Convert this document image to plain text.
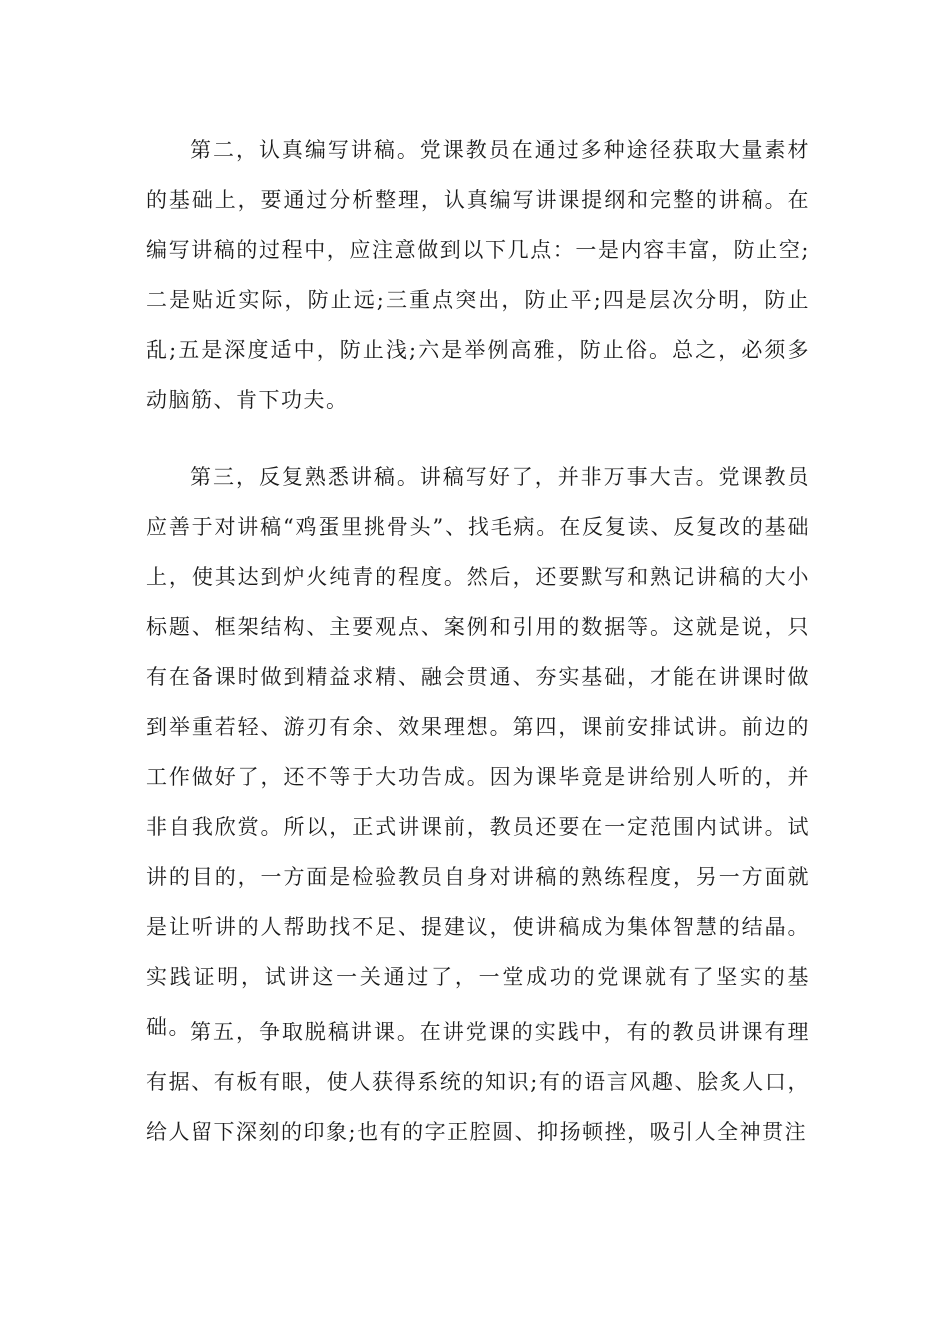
第二，认真编写讲稿。党课教员在通过多种途径获取大量素材的基础上，要通过分析整理，认真编写讲课提纲和完整的讲稿。在编写讲稿的过程中，应注意做到以下几点：一是内容丰富，防止空;二是贴近实际，防止远;三重点突出，防止平;四是层次分明，防止乱;五是深度适中，防止浅;六是举例高雅，防止俗。总之，必须多动脑筋、肯下功夫。

第三，反复熟悉讲稿。讲稿写好了，并非万事大吉。党课教员应善于对讲稿“鸡蛋里挑骨头”、找毛病。在反复读、反复改的基础上，使其达到炉火纯青的程度。然后，还要默写和熟记讲稿的大小标题、框架结构、主要观点、案例和引用的数据等。这就是说，只有在备课时做到精益求精、融会贯通、夯实基础，才能在讲课时做到举重若轻、游刃有余、效果理想。第四，课前安排试讲。前边的工作做好了，还不等于大功告成。因为课毕竟是讲给别人听的，并非自我欣赏。所以，正式讲课前，教员还要在一定范围内试讲。试讲的目的，一方面是检验教员自身对讲稿的熟练程度，另一方面就是让听讲的人帮助找不足、提建议，使讲稿成为集体智慧的结晶。实践证明，试讲这一关通过了，一堂成功的党课就有了坚实的基础。 第五，争取脱稿讲课。在讲党课的实践中，有的教员讲课有理有据、有板有眼，使人获得系统的知识;有的语言风趣、脍炙人口，给人留下深刻的印象;也有的字正腔圆、抑扬顿挫，吸引人全神贯注
